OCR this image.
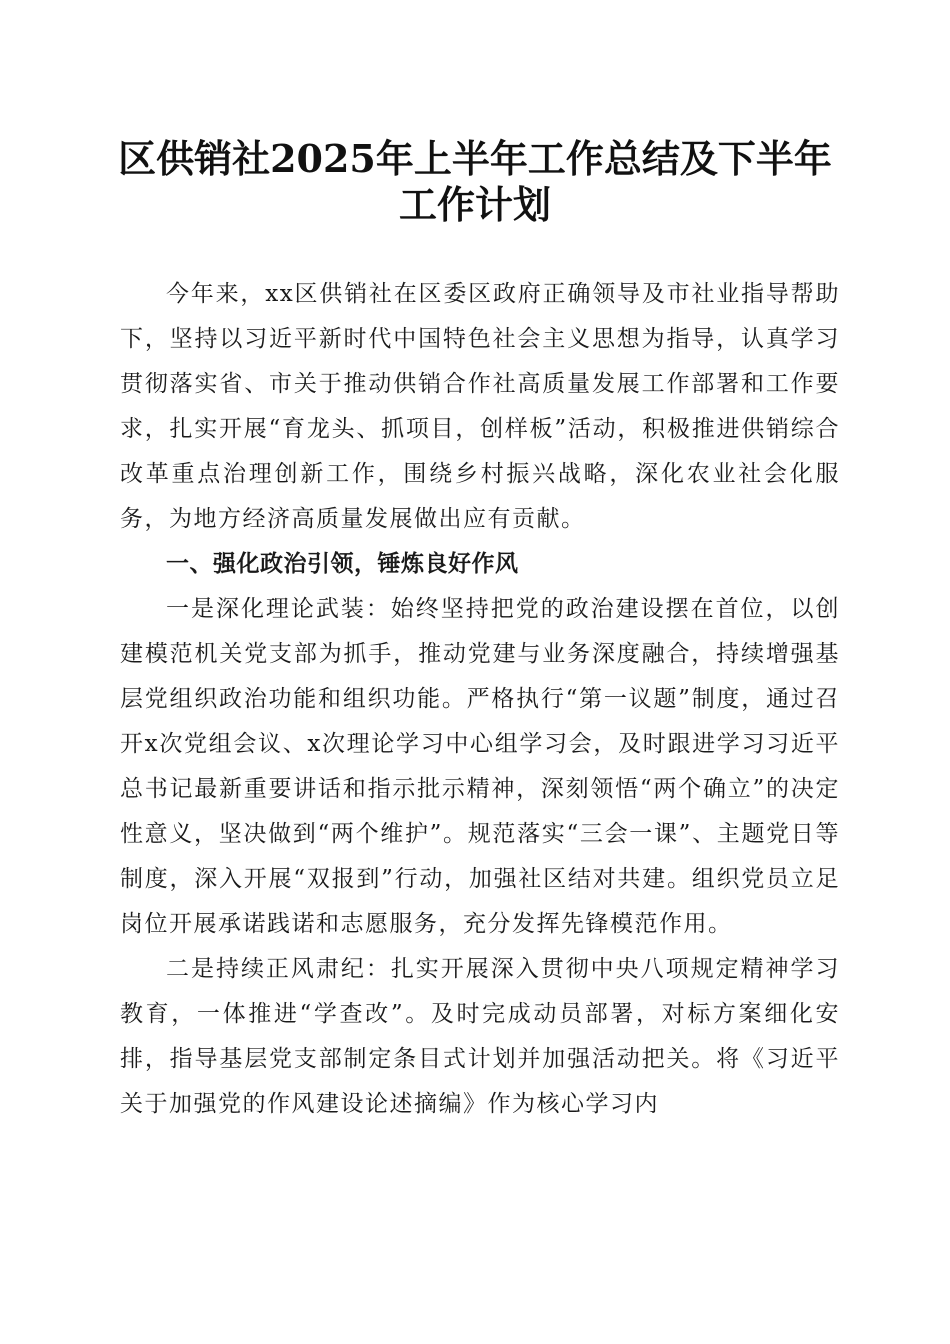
区供销社2025年上半年工作总结及下半年工作计划

今年来，xx区供销社在区委区政府正确领导及市社业指导帮助下，坚持以习近平新时代中国特色社会主义思想为指导，认真学习贯彻落实省、市关于推动供销合作社高质量发展工作部署和工作要求，扎实开展“育龙头、抓项目，创样板”活动，积极推进供销综合改革重点治理创新工作，围绕乡村振兴战略，深化农业社会化服务，为地方经济高质量发展做出应有贡献。

一、强化政治引领，锤炼良好作风

一是深化理论武装：始终坚持把党的政治建设摆在首位，以创建模范机关党支部为抓手，推动党建与业务深度融合，持续增强基层党组织政治功能和组织功能。严格执行“第一议题”制度，通过召开x次党组会议、x次理论学习中心组学习会，及时跟进学习习近平总书记最新重要讲话和指示批示精神，深刻领悟“两个确立”的决定性意义，坚决做到“两个维护”。规范落实“三会一课”、主题党日等制度，深入开展“双报到”行动，加强社区结对共建。组织党员立足岗位开展承诺践诺和志愿服务，充分发挥先锋模范作用。

二是持续正风肃纪：扎实开展深入贯彻中央八项规定精神学习教育，一体推进“学查改”。及时完成动员部署，对标方案细化安排，指导基层党支部制定条目式计划并加强活动把关。将《习近平关于加强党的作风建设论述摘编》作为核心学习内
